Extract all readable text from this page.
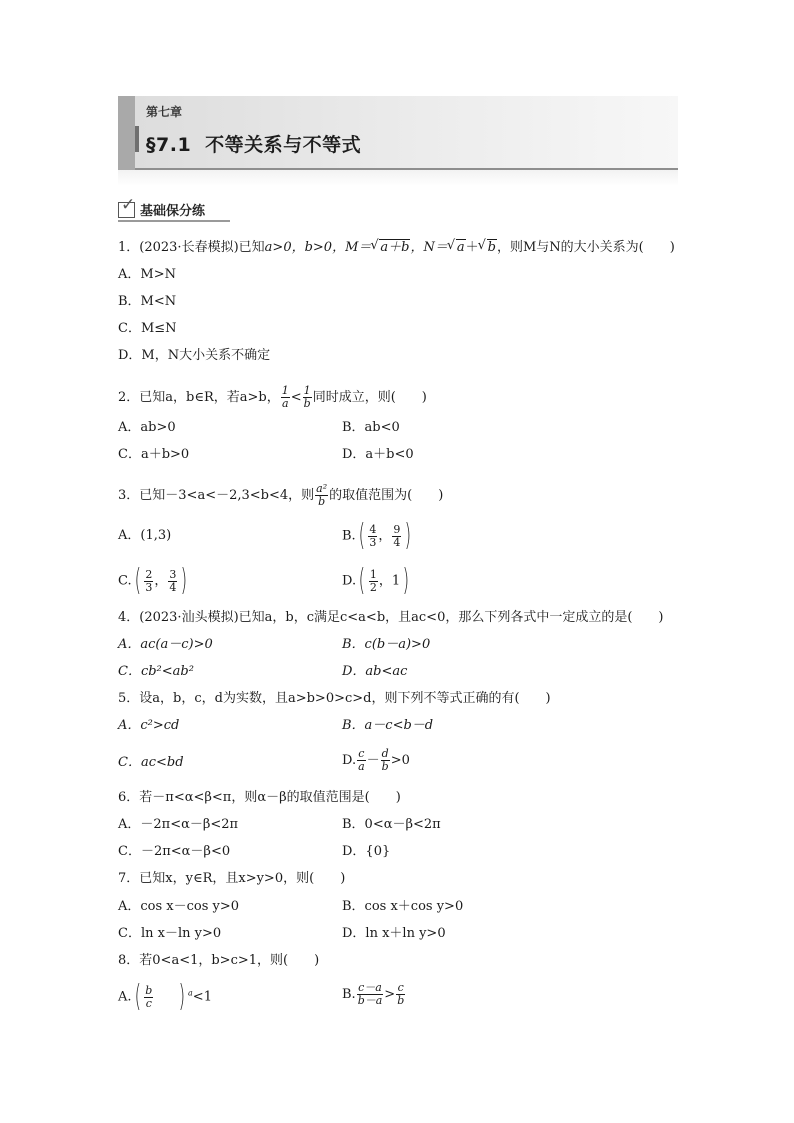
第七章
§7.1 不等关系与不等式
✓ 基础保分练
1．(2023·长春模拟)已知a>0，b>0，M＝ √ a＋b，N＝ √ a＋ √ b，则M与N的大小关系为( )
A．M>N
B．M<N
C．M≤N
D．M，N大小关系不确定
2．已知a，b∈R，若a>b， $\frac{1}{a} < \frac{1}{b}$ 同时成立，则( )
A．ab>0	B．ab<0
C．a＋b>0	D．a＋b<0
3．已知－3<a<－2,3<b<4，则 $\frac{\text{a²}}{b}$ 的取值范围为( )
A．(1,3)	$B.( \frac{4}{3}$ ， $\frac{9}{4}$ )
$C.( \frac{2}{3}$ ， $\frac{3}{4}$ )	$D.( \frac{1}{2}$ ，1)
4．(2023·汕头模拟)已知a，b，c满足c<a<b，且ac<0，那么下列各式中一定成立的是( )
A．ac(a－c)>0	B．c(b－a)>0
C．cb²<ab²	D．ab<ac
5．设a，b，c，d为实数，且a>b>0>c>d，则下列不等式正确的有( )
A．c²>cd	B．a－c<b－d
C．ac<bd	D. $\frac{c}{a} - \frac{d}{b} >0$
6．若－π<α<β<π，则α－β的取值范围是( )
A．－2π<α－β<2π	B．0<α－β<2π
C．－2π<α－β<0	D．{0}
7．已知x，y∈R，且x>y>0，则( )
A．cos x－cos y>0	B．cos x＋cos y>0
C．ln x－ln y>0	D．ln x＋ln y>0
8．若0<a<1，b>c>1，则( )
$A.( \frac{b}{c}$ ) $^a$<1	B. $\frac{c-a}{b-a} > \frac{c}{b}$
